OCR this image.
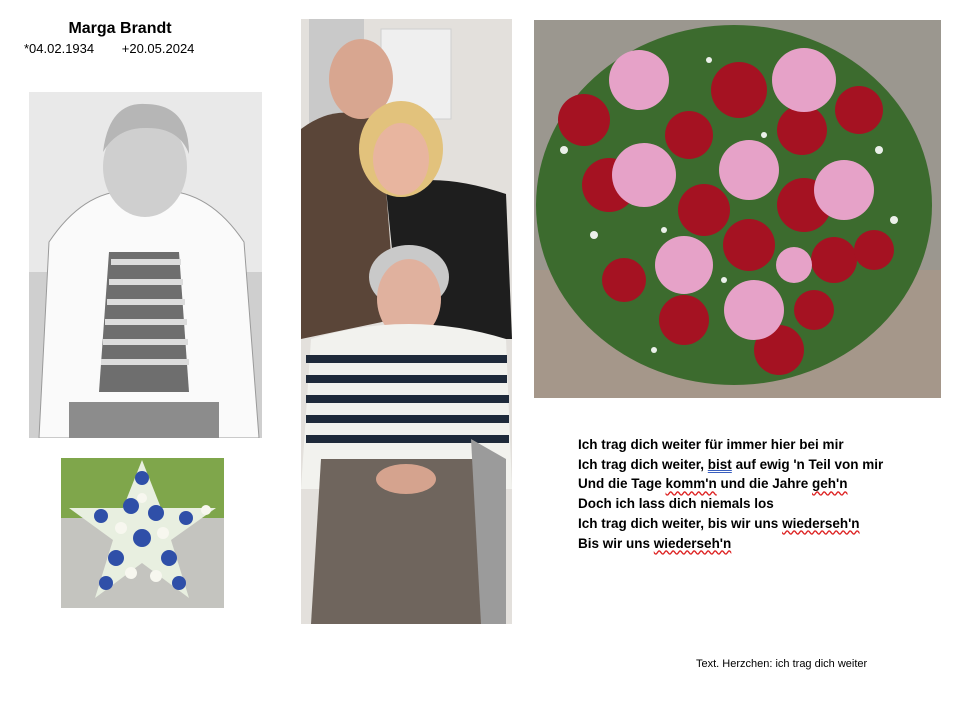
Marga Brandt
*04.02.1934 +20.05.2024
Ich trag dich weiter für immer hier bei mir
Ich trag dich weiter, bist auf ewig 'n Teil von mir
Und die Tage komm'n und die Jahre geh'n
Doch ich lass dich niemals los
Ich trag dich weiter, bis wir uns wiederseh'n
Bis wir uns wiederseh'n
Text. Herzchen: ich trag dich weiter
